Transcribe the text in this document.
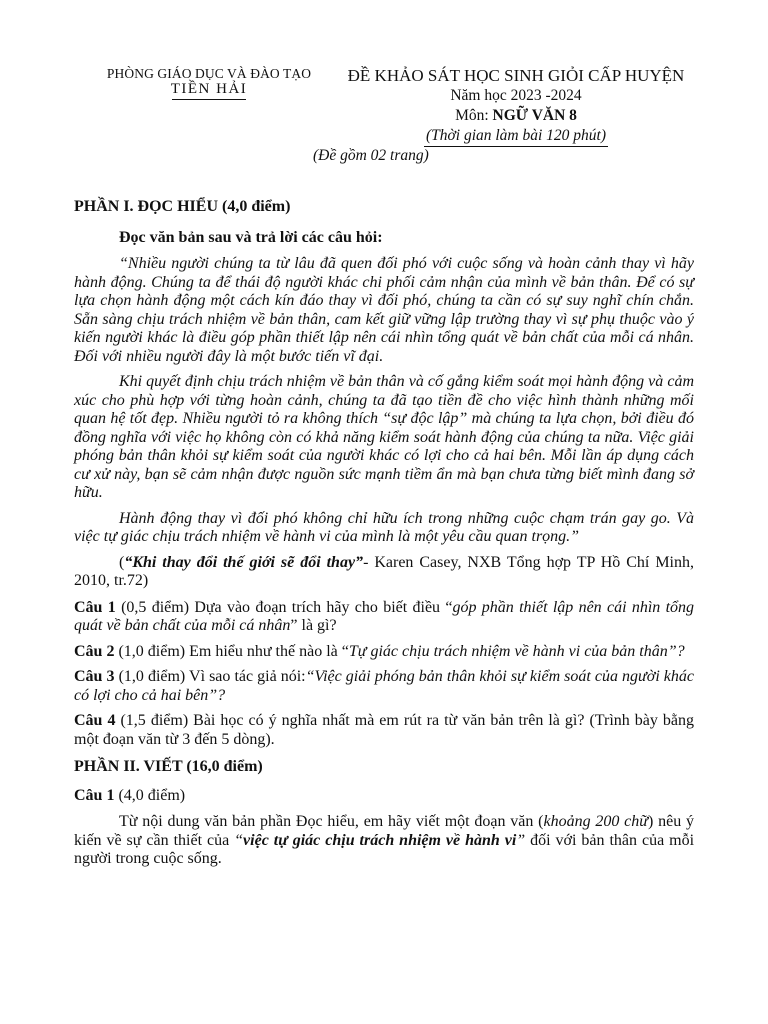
PHÒNG GIÁO DỤC VÀ ĐÀO TẠO
TIỀN HẢI
ĐỀ KHẢO SÁT HỌC SINH GIỎI CẤP HUYỆN
Năm học 2023 -2024
Môn: NGỮ VĂN 8
(Thời gian làm bài 120 phút)
(Đề gồm 02 trang)

PHẦN I. ĐỌC HIỂU (4,0 điểm)

Đọc văn bản sau và trả lời các câu hỏi:

“Nhiều người chúng ta từ lâu đã quen đối phó với cuộc sống và hoàn cảnh thay vì hãy hành động. Chúng ta để thái độ người khác chi phối cảm nhận của mình về bản thân. Để có sự lựa chọn hành động một cách kín đáo thay vì đối phó, chúng ta cần có sự suy nghĩ chín chắn. Sẵn sàng chịu trách nhiệm về bản thân, cam kết giữ vững lập trường thay vì sự phụ thuộc vào ý kiến người khác là điều góp phần thiết lập nên cái nhìn tổng quát về bản chất của mỗi cá nhân. Đối với nhiều người đây là một bước tiến vĩ đại.

Khi quyết định chịu trách nhiệm về bản thân và cố gắng kiểm soát mọi hành động và cảm xúc cho phù hợp với từng hoàn cảnh, chúng ta đã tạo tiền đề cho việc hình thành những mối quan hệ tốt đẹp. Nhiều người tỏ ra không thích “sự độc lập” mà chúng ta lựa chọn, bởi điều đó đồng nghĩa với việc họ không còn có khả năng kiểm soát hành động của chúng ta nữa. Việc giải phóng bản thân khỏi sự kiểm soát của người khác có lợi cho cả hai bên. Mỗi lần áp dụng cách cư xử này, bạn sẽ cảm nhận được nguồn sức mạnh tiềm ẩn mà bạn chưa từng biết mình đang sở hữu.

Hành động thay vì đối phó không chỉ hữu ích trong những cuộc chạm trán gay go. Và việc tự giác chịu trách nhiệm về hành vi của mình là một yêu cầu quan trọng.”

(“Khi thay đổi thế giới sẽ đổi thay”- Karen Casey, NXB Tổng hợp TP Hồ Chí Minh, 2010, tr.72)

Câu 1 (0,5 điểm) Dựa vào đoạn trích hãy cho biết điều “góp phần thiết lập nên cái nhìn tổng quát về bản chất của mỗi cá nhân” là gì?

Câu 2 (1,0 điểm) Em hiểu như thế nào là “Tự giác chịu trách nhiệm về hành vi của bản thân”?

Câu 3 (1,0 điểm) Vì sao tác giả nói:“Việc giải phóng bản thân khỏi sự kiểm soát của người khác có lợi cho cả hai bên”?

Câu 4 (1,5 điểm) Bài học có ý nghĩa nhất mà em rút ra từ văn bản trên là gì? (Trình bày bằng một đoạn văn từ 3 đến 5 dòng).

PHẦN II. VIẾT (16,0 điểm)

Câu 1 (4,0 điểm)

Từ nội dung văn bản phần Đọc hiểu, em hãy viết một đoạn văn (khoảng 200 chữ) nêu ý kiến về sự cần thiết của “việc tự giác chịu trách nhiệm về hành vi” đối với bản thân của mỗi người trong cuộc sống.
